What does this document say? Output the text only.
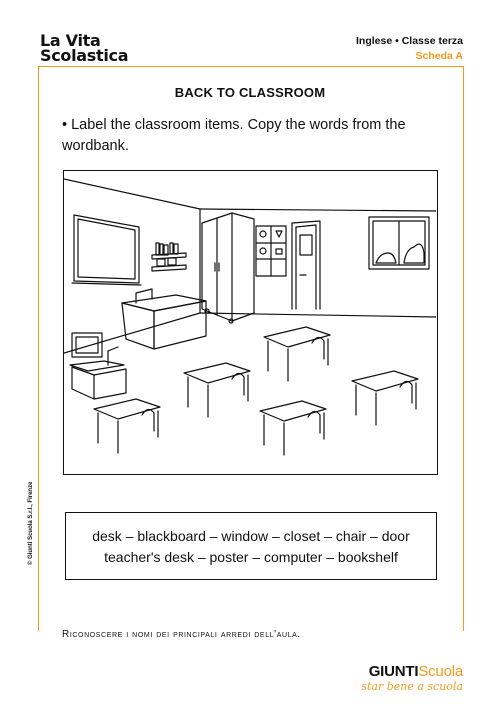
La Vita
Scolastica
Inglese • Classe terza
Scheda A
BACK TO CLASSROOM
• Label the classroom items. Copy the words from the wordbank.
desk – blackboard – window – closet – chair – door
teacher's desk – poster – computer – bookshelf
Riconoscere i nomi dei principali arredi dell'aula.
© Giunti Scuola S.r.l., Firenze
GIUNTIScuola
star bene a scuola
